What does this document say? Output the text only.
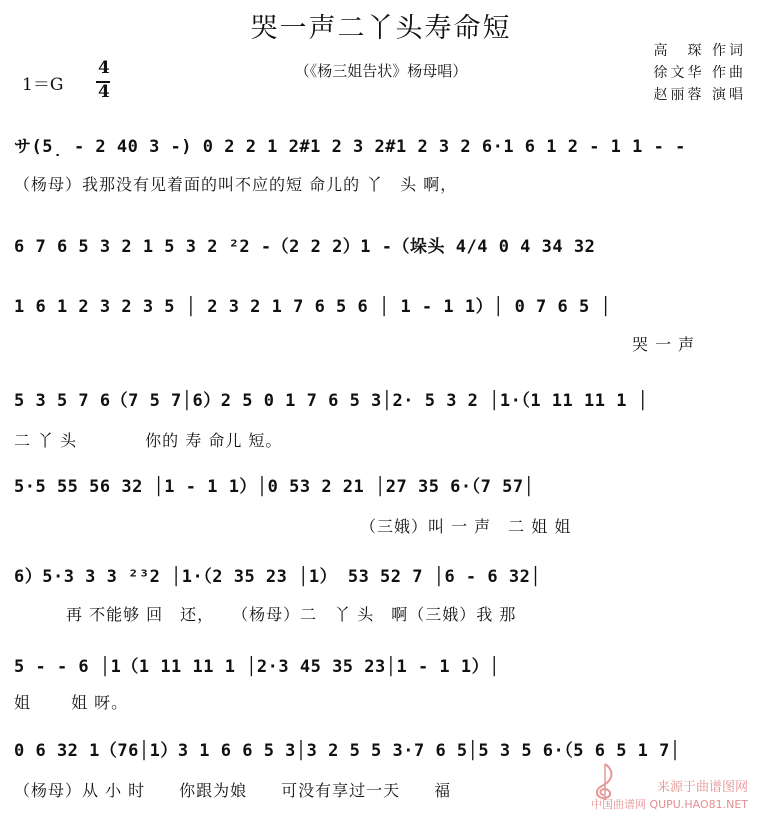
哭一声二丫头寿命短
（《杨三姐告状》杨母唱）
高　琛 作词
徐文华 作曲
赵丽蓉 演唱
1＝G
4
4
サ(5̣ - 2 40 3 -) 0 2 2 1 2#1 2 3 2#1 2 3 2 6·1 6 1 2 - 1 1 - -
（杨母）我那没有见着面的叫不应的短 命儿的 丫　头 啊，
6 7 6 5 3 2 1 5 3 2 ²2 -（2 2 2）1 -（垛头 4/4 0 4 34 32
1 6 1 2 3 2 3 5 │ 2 3 2 1 7 6 5 6 │ 1 - 1 1）│ 0 7 6 5 │
哭 一 声
5 3 5 7 6（7 5 7│6）2 5 0 1 7 6 5 3│2· 5 3 2 │1·（1 11 11 1 │
二 丫 头　　　　你的 寿 命儿 短。
5·5 55 56 32 │1 - 1 1）│0 53 2 21 │27 35 6·（7 57│
（三娥）叫 一 声　二 姐 姐
6）5·3 3 3 ²³2 │1·（2 35 23 │1） 53 52 7 │6 - 6 32│
再 不能够 回　还，　　（杨母）二　丫 头　啊（三娥）我 那
5 - - 6 │1（1 11 11 1 │2·3 45 35 23│1 - 1 1）│
姐　　 姐 呀。
0 6 32 1（76│1）3 1 6 6 5 3│3 2 5 5 3·7 6 5│5 3 5 6·（5 6 5 1 7│
（杨母）从 小 时　　你跟为娘　　可没有享过一天　　福	来源于曲谱图网
中国曲谱网 QUPU.HAO81.NET
